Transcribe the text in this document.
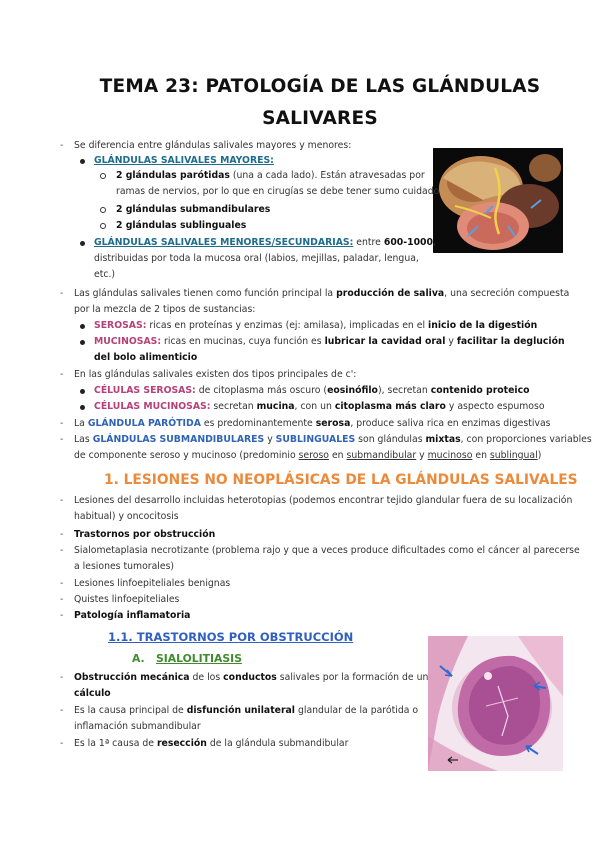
TEMA 23: PATOLOGÍA DE LAS GLÁNDULAS
SALIVARES
- Se diferencia entre glándulas salivales mayores y menores:
GLÁNDULAS SALIVALES MAYORES:
2 glándulas parótidas (una a cada lado). Están atravesadas por
ramas de nervios, por lo que en cirugías se debe tener sumo cuidado
2 glándulas submandibulares
2 glándulas sublinguales
GLÁNDULAS SALIVALES MENORES/SECUNDARIAS: entre 600-1000,
distribuidas por toda la mucosa oral (labios, mejillas, paladar, lengua,
etc.)
- Las glándulas salivales tienen como función principal la producción de saliva, una secreción compuesta
por la mezcla de 2 tipos de sustancias:
SEROSAS: ricas en proteínas y enzimas (ej: amilasa), implicadas en el inicio de la digestión
MUCINOSAS: ricas en mucinas, cuya función es lubricar la cavidad oral y facilitar la deglución
del bolo alimenticio
- En las glándulas salivales existen dos tipos principales de c':
CÉLULAS SEROSAS: de citoplasma más oscuro (eosinófilo), secretan contenido proteico
CÉLULAS MUCINOSAS: secretan mucina, con un citoplasma más claro y aspecto espumoso
- La GLÁNDULA PARÓTIDA es predominantemente serosa, produce saliva rica en enzimas digestivas
- Las GLÁNDULAS SUBMANDIBULARES y SUBLINGUALES son glándulas mixtas, con proporciones variables
de componente seroso y mucinoso (predominio seroso en submandibular y mucinoso en sublingual)
1. LESIONES NO NEOPLÁSICAS DE LA GLÁNDULAS SALIVALES
- Lesiones del desarrollo incluidas heterotopias (podemos encontrar tejido glandular fuera de su localización
habitual) y oncocitosis
- Trastornos por obstrucción
- Sialometaplasia necrotizante (problema rajo y que a veces produce dificultades como el cáncer al parecerse
a lesiones tumorales)
- Lesiones linfoepiteliales benignas
- Quistes linfoepiteliales
- Patología inflamatoria
1.1. TRASTORNOS POR OBSTRUCCIÓN
A. SIALOLITIASIS
- Obstrucción mecánica de los conductos salivales por la formación de un
cálculo
- Es la causa principal de disfunción unilateral glandular de la parótida o
inflamación submandibular
- Es la 1ª causa de resección de la glándula submandibular
